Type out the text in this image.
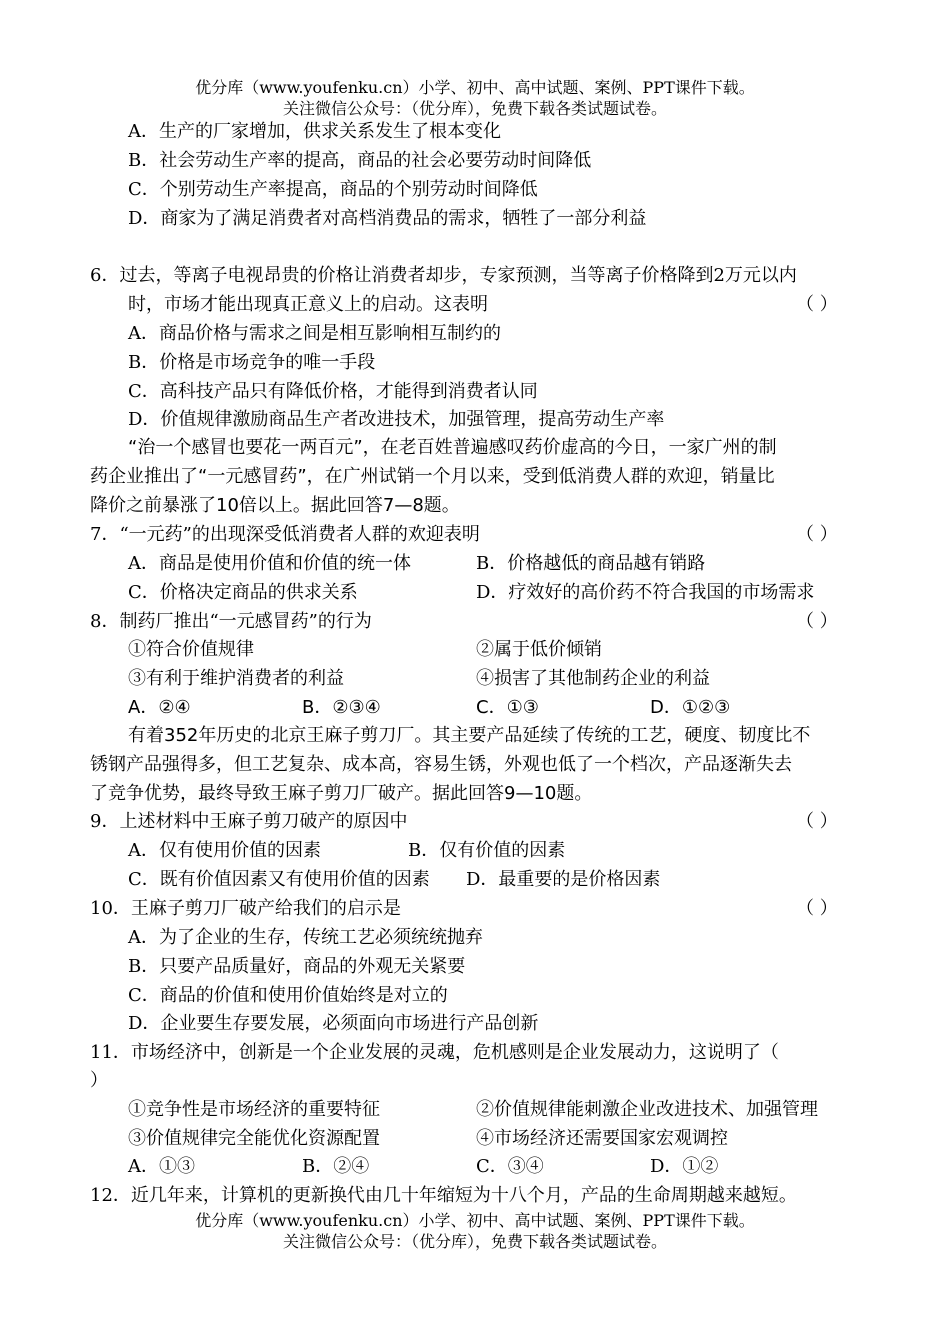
优分库（www.youfenku.cn）小学、初中、高中试题、案例、PPT课件下载。
关注微信公众号：（优分库），免费下载各类试题试卷。
A．生产的厂家增加，供求关系发生了根本变化
B．社会劳动生产率的提高，商品的社会必要劳动时间降低
C．个别劳动生产率提高，商品的个别劳动时间降低
D．商家为了满足消费者对高档消费品的需求，牺牲了一部分利益
6．过去，等离子电视昂贵的价格让消费者却步，专家预测，当等离子价格降到2万元以内
时，市场才能出现真正意义上的启动。这表明	（ ）
A．商品价格与需求之间是相互影响相互制约的
B．价格是市场竞争的唯一手段
C．高科技产品只有降低价格，才能得到消费者认同
D．价值规律激励商品生产者改进技术，加强管理，提高劳动生产率
“治一个感冒也要花一两百元”，在老百姓普遍感叹药价虚高的今日，一家广州的制
药企业推出了“一元感冒药”，在广州试销一个月以来，受到低消费人群的欢迎，销量比
降价之前暴涨了10倍以上。据此回答7—8题。
7．“一元药”的出现深受低消费者人群的欢迎表明	（ ）
A．商品是使用价值和价值的统一体	B．价格越低的商品越有销路
C．价格决定商品的供求关系	D．疗效好的高价药不符合我国的市场需求
8．制药厂推出“一元感冒药”的行为	（ ）
①符合价值规律	②属于低价倾销
③有利于维护消费者的利益	④损害了其他制药企业的利益
A．②④	B．②③④	C．①③	D．①②③
有着352年历史的北京王麻子剪刀厂。其主要产品延续了传统的工艺，硬度、韧度比不
锈钢产品强得多，但工艺复杂、成本高，容易生锈，外观也低了一个档次，产品逐渐失去
了竞争优势，最终导致王麻子剪刀厂破产。据此回答9—10题。
9．上述材料中王麻子剪刀破产的原因中	（ ）
A．仅有使用价值的因素	B．仅有价值的因素
C．既有价值因素又有使用价值的因素 D．最重要的是价格因素
10．王麻子剪刀厂破产给我们的启示是	（ ）
A．为了企业的生存，传统工艺必须统统抛弃
B．只要产品质量好，商品的外观无关紧要
C．商品的价值和使用价值始终是对立的
D．企业要生存要发展，必须面向市场进行产品创新
11．市场经济中，创新是一个企业发展的灵魂，危机感则是企业发展动力，这说明了（
）
①竞争性是市场经济的重要特征	②价值规律能刺激企业改进技术、加强管理
③价值规律完全能优化资源配置	④市场经济还需要国家宏观调控
A．①③	B．②④	C．③④	D．①②
12．近几年来，计算机的更新换代由几十年缩短为十八个月，产品的生命周期越来越短。
优分库（www.youfenku.cn）小学、初中、高中试题、案例、PPT课件下载。
关注微信公众号：（优分库），免费下载各类试题试卷。
